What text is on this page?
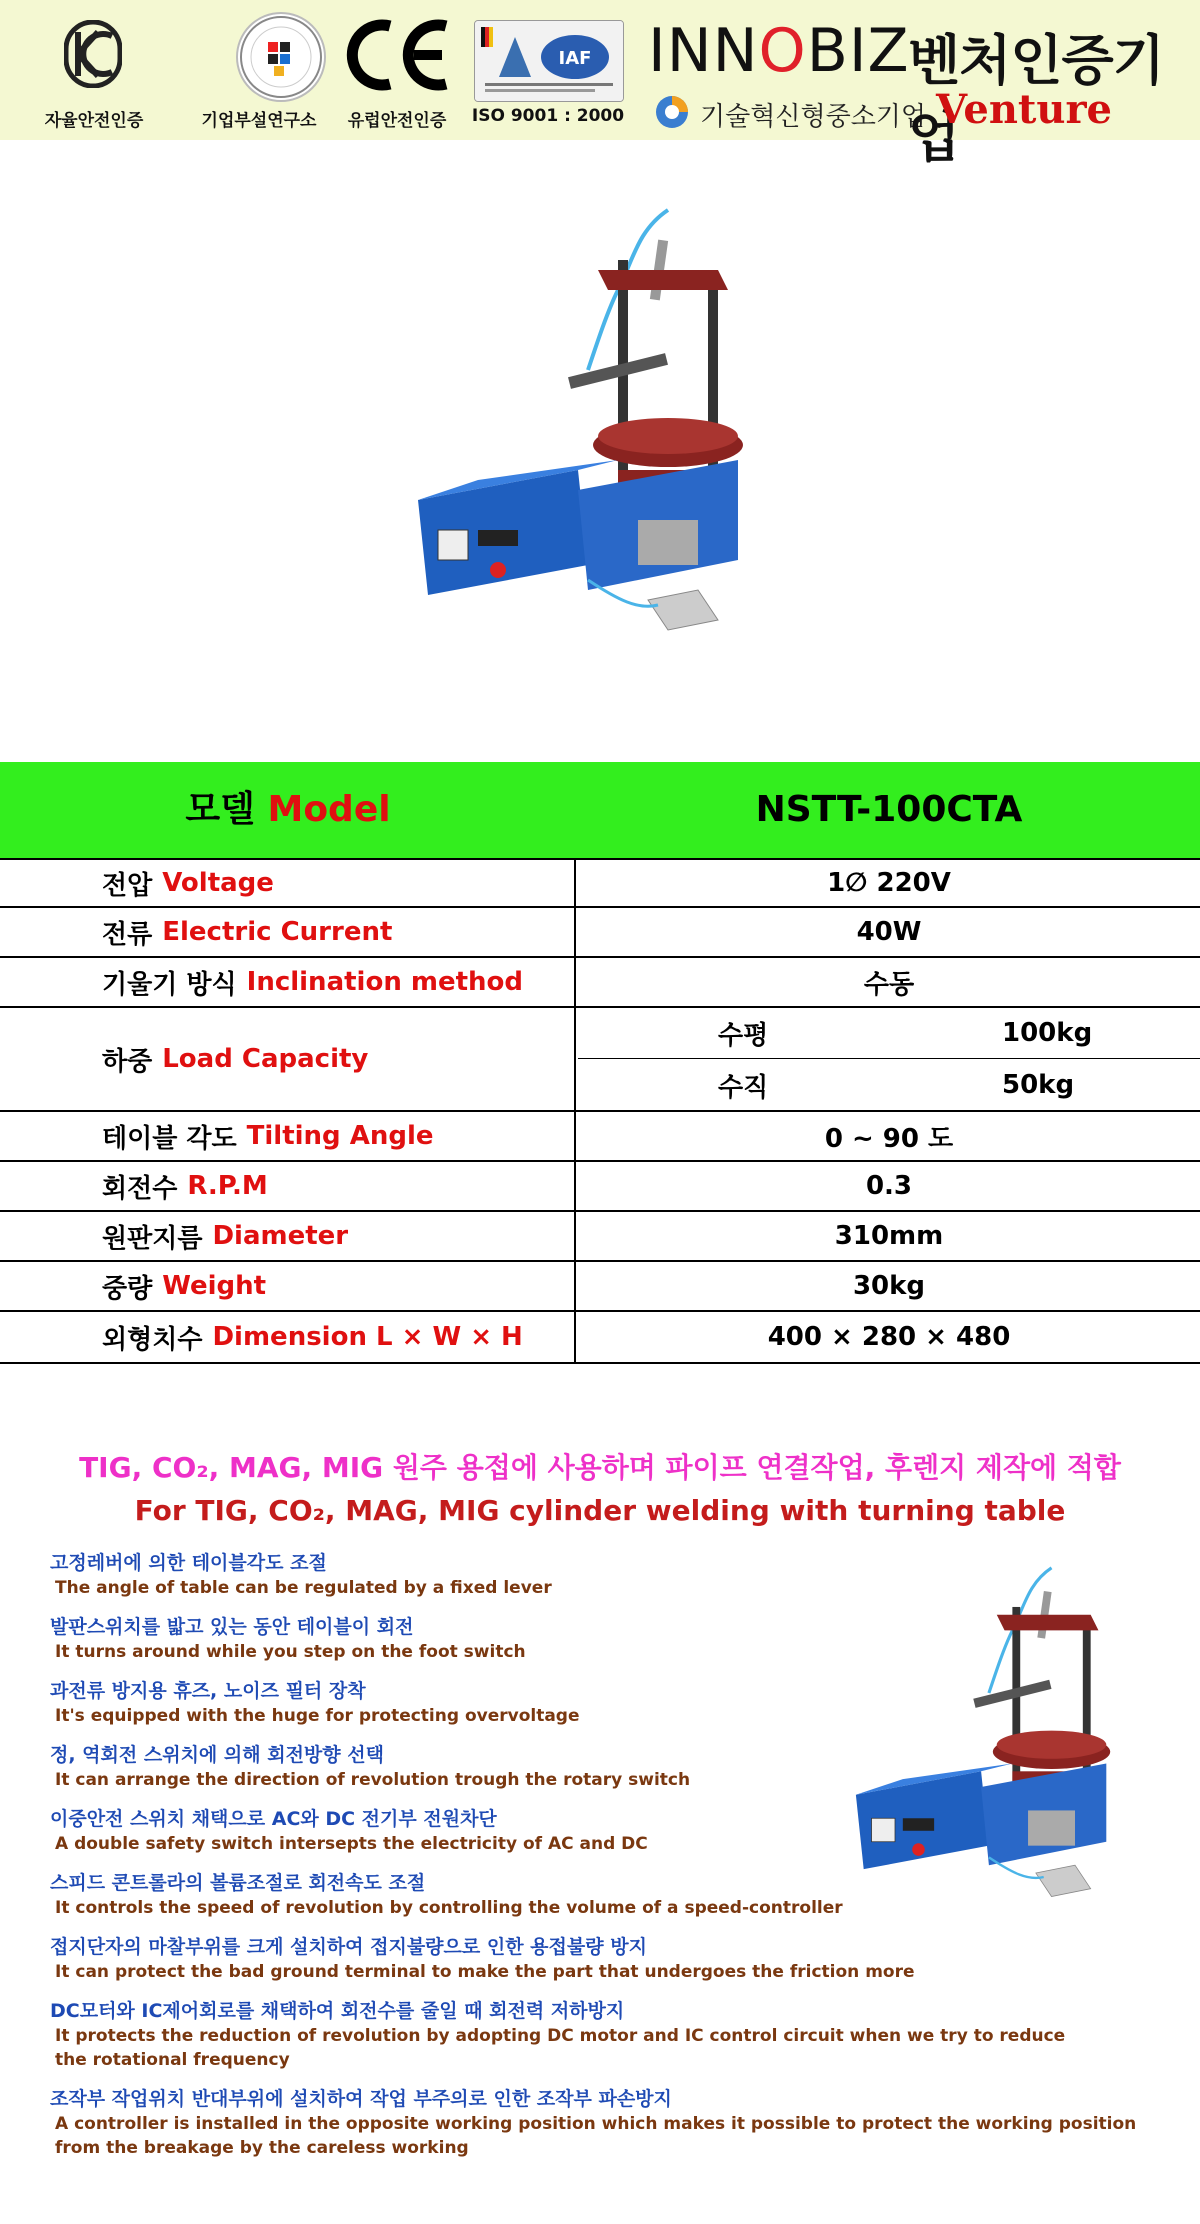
자율안전인증	기업부설연구소	유럽안전인증
IAF
ISO 9001 : 2000
INNOBIZ
기술혁신형중소기업
벤처인증기업
Venture
모델 Model	NSTT-100CTA
전압 Voltage	1∅ 220V
전류 Electric Current	40W
기울기 방식 Inclination method	수동
하중 Load Capacity
수평	100kg
수직	50kg
테이블 각도 Tilting Angle	0 ~ 90 도
회전수 R.P.M	0.3
원판지름 Diameter	310mm
중량 Weight	30kg
외형치수 Dimension L × W × H	400 × 280 × 480
TIG, CO₂, MAG, MIG 원주 용접에 사용하며 파이프 연결작업, 후렌지 제작에 적합
For TIG, CO₂, MAG, MIG cylinder welding with turning table
고정레버에 의한 테이블각도 조절
The angle of table can be regulated by a fixed lever
발판스위치를 밟고 있는 동안 테이블이 회전
It turns around while you step on the foot switch
과전류 방지용 휴즈, 노이즈 필터 장착
It's equipped with the huge for protecting overvoltage
정, 역회전 스위치에 의해 회전방향 선택
It can arrange the direction of revolution trough the rotary switch
이중안전 스위치 채택으로 AC와 DC 전기부 전원차단
A double safety switch intersepts the electricity of AC and DC
스피드 콘트롤라의 볼륨조절로 회전속도 조절
It controls the speed of revolution by controlling the volume of a speed-controller
접지단자의 마찰부위를 크게 설치하여 접지불량으로 인한 용접불량 방지
It can protect the bad ground terminal to make the part that undergoes the friction more
DC모터와 IC제어회로를 채택하여 회전수를 줄일 때 회전력 저하방지
It protects the reduction of revolution by adopting DC motor and IC control circuit when we try to reduce the rotational frequency
조작부 작업위치 반대부위에 설치하여 작업 부주의로 인한 조작부 파손방지
A controller is installed in the opposite working position which makes it possible to protect the working position from the breakage by the careless working
